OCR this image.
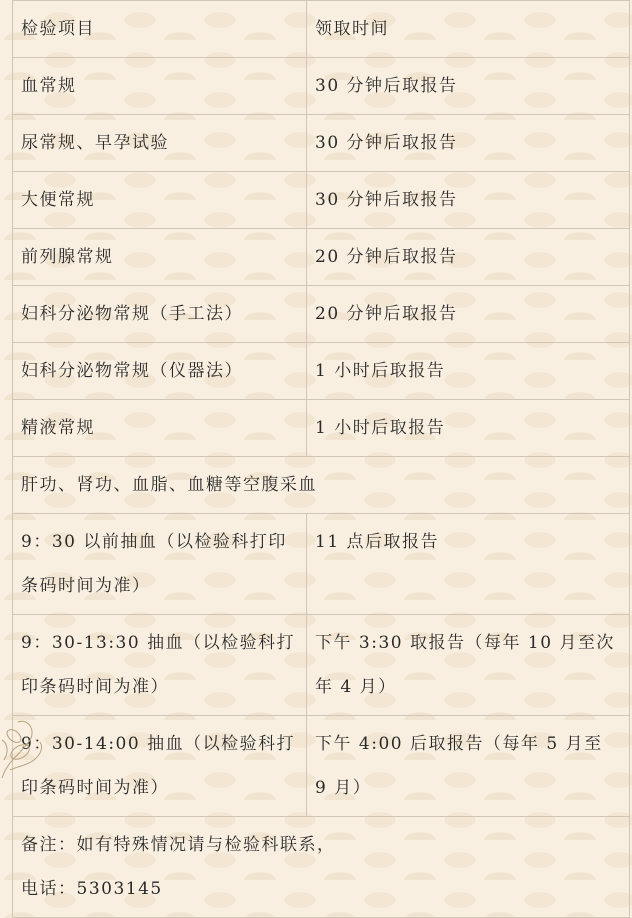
检验项目	领取时间
血常规	30 分钟后取报告
尿常规、早孕试验	30 分钟后取报告
大便常规	30 分钟后取报告
前列腺常规	20 分钟后取报告
妇科分泌物常规（手工法）	20 分钟后取报告
妇科分泌物常规（仪器法）	1 小时后取报告
精液常规	1 小时后取报告
肝功、肾功、血脂、血糖等空腹采血	
9：30 以前抽血（以检验科打印条码时间为准）	11 点后取报告
9：30-13:30 抽血（以检验科打印条码时间为准）	下午 3:30 取报告（每年 10 月至次年 4 月）
9：30-14:00 抽血（以检验科打印条码时间为准）	下午 4:00 后取报告（每年 5 月至 9 月）

备注：如有特殊情况请与检验科联系，
电话：5303145	
